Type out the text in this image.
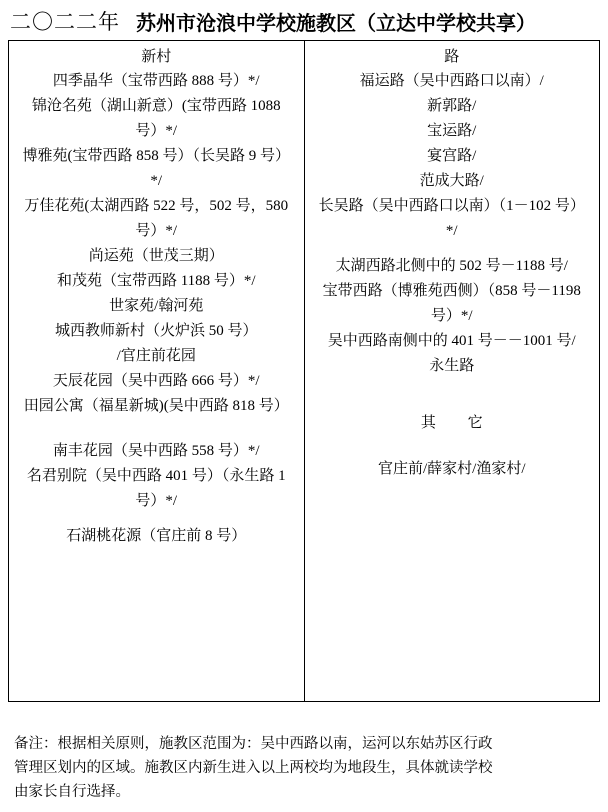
二〇二二年 苏州市沧浪中学校施教区（立达中学校共享）
新村
四季晶华（宝带西路 888 号）*/
锦沧名苑（湖山新意）(宝带西路 1088
号）*/
博雅苑(宝带西路 858 号）（长吴路 9 号）
*/
万佳花苑(太湖西路 522 号，502 号，580
号）*/
尚运苑（世茂三期）
和茂苑（宝带西路 1188 号）*/
世家苑/翰河苑
城西教师新村（火炉浜 50 号）
/官庄前花园
天辰花园（吴中西路 666 号）*/
田园公寓（福星新城)(吴中西路 818 号）
南丰花园（吴中西路 558 号）*/
名君别院（吴中西路 401 号）（永生路 1
号）*/
石湖桃花源（官庄前 8 号）

路
福运路（吴中西路口以南）/
新郭路/
宝运路/
宴宫路/
范成大路/
长吴路（吴中西路口以南）（1－102 号）
*/
太湖西路北侧中的 502 号－1188 号/
宝带西路（博雅苑西侧）（858 号－1198
号）*/
吴中西路南侧中的 401 号－－1001 号/
永生路
其 它
官庄前/薛家村/渔家村/
备注：根据相关原则，施教区范围为：吴中西路以南，运河以东姑苏区行政
管理区划内的区域。施教区内新生进入以上两校均为地段生，具体就读学校
由家长自行选择。
